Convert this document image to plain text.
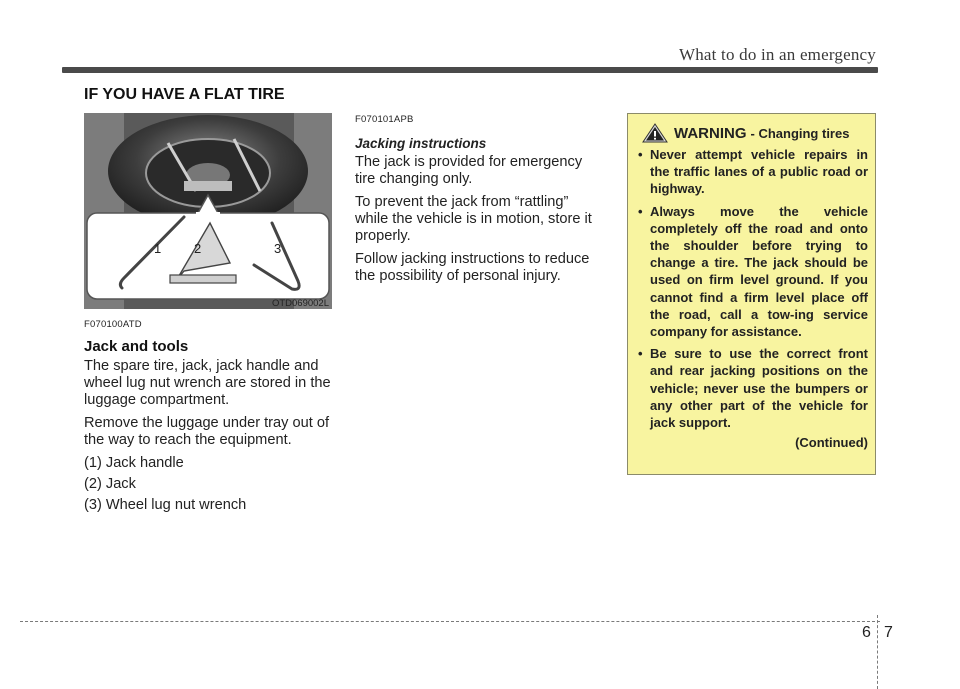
What to do in an emergency
IF YOU HAVE A FLAT TIRE
1	2	3
OTD069002L
F070100ATD
Jack and tools

The spare tire, jack, jack handle and wheel lug nut wrench are stored in the luggage compartment.

Remove the luggage under tray out of the way to reach the equipment.

(1) Jack handle

(2) Jack

(3) Wheel lug nut wrench

F070101APB
Jacking instructions

The jack is provided for emergency tire changing only.

To prevent the jack from “rattling” while the vehicle is in motion, store it properly.

Follow jacking instructions to reduce the possibility of personal injury.

WARNING - Changing tires
• Never attempt vehicle repairs in the traffic lanes of a public road or highway.
• Always move the vehicle completely off the road and onto the shoulder before trying to change a tire. The jack should be used on firm level ground. If you cannot find a firm level place off the road, call a tow-ing service company for assistance.
• Be sure to use the correct front and rear jacking positions on the vehicle; never use the bumpers or any other part of the vehicle for jack support.
(Continued)
6 7
